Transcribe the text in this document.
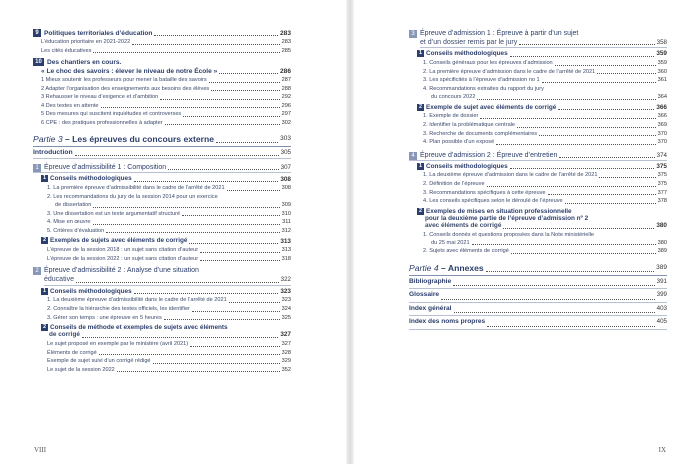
9 Politiques territoriales d’éducation	283
L’éducation prioritaire en 2021-2022	283
Les cités éducatives	285
10 Des chantiers en cours.
« Le choc des savoirs : élever le niveau de notre École »	286
1 Mieux soutenir les professeurs pour mener la bataille des savoirs	287
2 Adapter l’organisation des enseignements aux besoins des élèves	288
3 Rehausser le niveau d’exigence et d’ambition	292
4 Des textes en attente	296
5 Des mesures qui suscitent inquiétudes et controverses	297
6 CPE : des pratiques professionnelles à adapter	302
Partie 3 – Les épreuves du concours externe	303
Introduction	305
1 Épreuve d’admissibilité 1 : Composition	307
1 Conseils méthodologiques	308
1. La première épreuve d’admissibilité dans le cadre de l’arrêté de 2021	308
2. Les recommandations du jury de la session 2014 pour un exercice
de dissertation	309
3. Une dissertation est un texte argumentatif structuré	310
4. Mise en œuvre	311
5. Critères d’évaluation	312
2 Exemples de sujets avec éléments de corrigé	313
L’épreuve de la session 2018 : un sujet sans citation d’auteur	313
L’épreuve de la session 2022 : un sujet sans citation d’auteur	318
2 Épreuve d’admissibilité 2 : Analyse d’une situation
éducative	322
1 Conseils méthodologiques	323
1. La deuxième épreuve d’admissibilité dans le cadre de l’arrêté de 2021	323
2. Connaître la hiérarchie des textes officiels, les identifier	324
3. Gérer son temps : une épreuve en 5 heures	325
2 Conseils de méthode et exemples de sujets avec éléments
de corrigé	327
Le sujet proposé en exemple par le ministère (avril 2021)	327
Éléments de corrigé	328
Exemple de sujet suivi d’un corrigé rédigé	329
Le sujet de la session 2022	352
VIII
3 Épreuve d’admission 1 : Épreuve à partir d’un sujet
et d’un dossier remis par le jury	358
1 Conseils méthodologiques	359
1. Conseils généraux pour les épreuves d’admission	359
2. La première épreuve d’admission dans le cadre de l’arrêté de 2021	360
3. Les spécificités à l’épreuve d’admission no 1	361
4. Recommandations extraites du rapport du jury
du concours 2022	364
2 Exemple de sujet avec éléments de corrigé	366
1. Exemple de dossier	366
2. Identifier la problématique centrale	369
3. Recherche de documents complémentaires	370
4. Plan possible d’un exposé	370
4 Épreuve d’admission 2 : Épreuve d’entretien	374
1 Conseils méthodologiques	375
1. La deuxième épreuve d’admission dans le cadre de l’arrêté de 2021	375
2. Définition de l’épreuve	375
3. Recommandations spécifiques à cette épreuve	377
4. Les conseils spécifiques selon le déroulé de l’épreuve	378
2 Exemples de mises en situation professionnelle
pour la deuxième partie de l’épreuve d’admission nº 2
avec éléments de corrigé	380
1. Conseils donnés et questions proposées dans la Note ministérielle
du 25 mai 2021	380
2. Sujets avec éléments de corrigé	389
Partie 4 – Annexes	389
Bibliographie	391
Glossaire	399
Index général	403
Index des noms propres	405
IX
